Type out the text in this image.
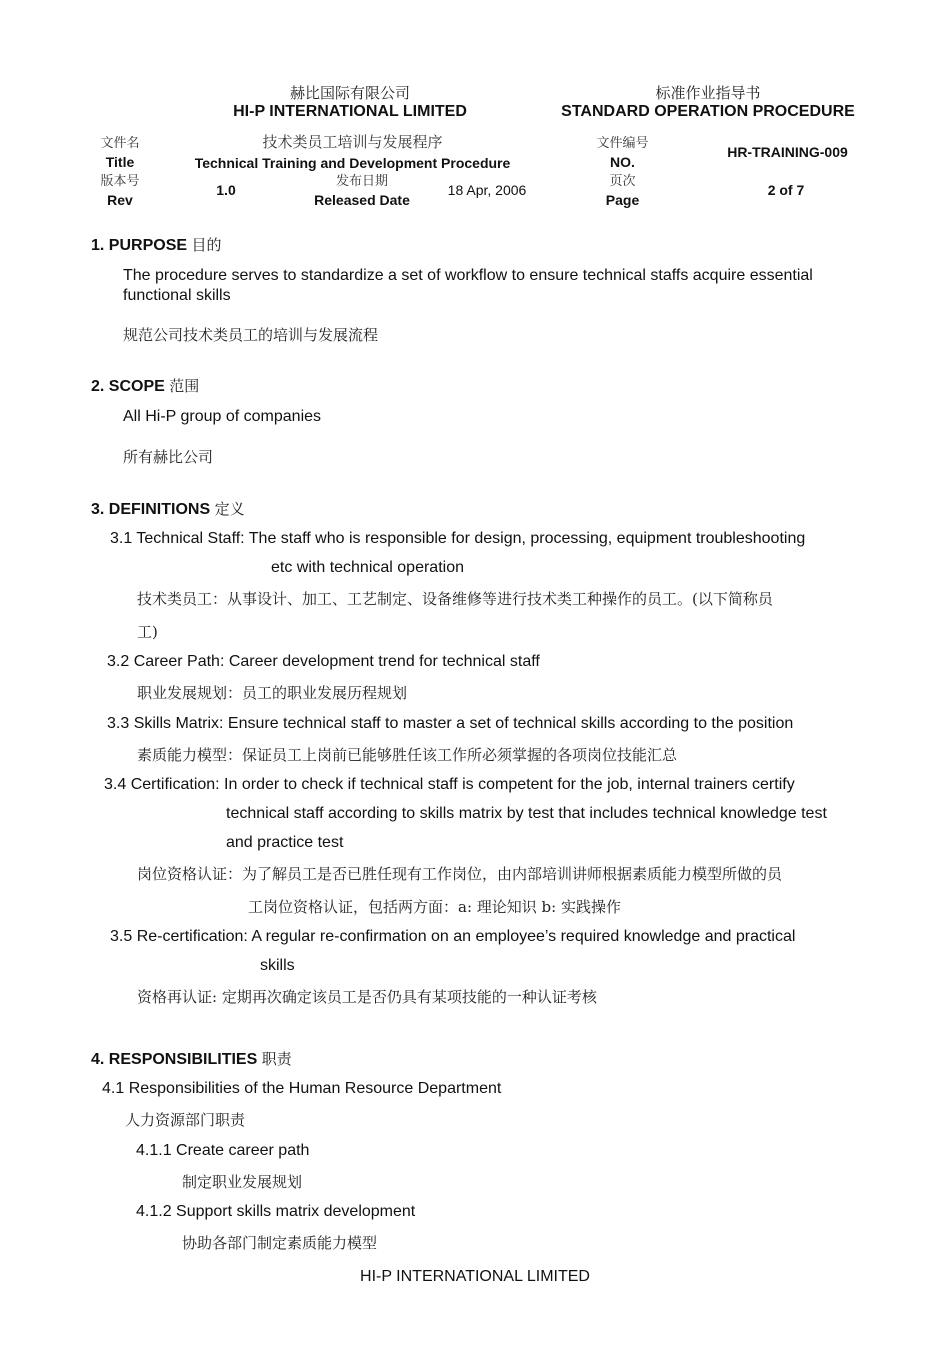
赫比国际有限公司
HI-P INTERNATIONAL LIMITED
标准作业指导书
STANDARD OPERATION PROCEDURE
文件名
Title
技术类员工培训与发展程序
Technical Training and Development Procedure
文件编号
NO.
HR-TRAINING-009
版本号
Rev
1.0
发布日期
Released Date
18 Apr, 2006
页次
Page
2 of 7
1. PURPOSE 目的
The procedure serves to standardize a set of workflow to ensure technical staffs acquire essential functional skills
规范公司技术类员工的培训与发展流程
2. SCOPE 范围
All Hi-P group of companies
所有赫比公司
3. DEFINITIONS 定义
3.1 Technical Staff: The staff who is responsible for design, processing, equipment troubleshooting
etc with technical operation
技术类员工：从事设计、加工、工艺制定、设备维修等进行技术类工种操作的员工。(以下简称员
工)
3.2 Career Path: Career development trend for technical staff
职业发展规划：员工的职业发展历程规划
3.3 Skills Matrix: Ensure technical staff to master a set of technical skills according to the position
素质能力模型：保证员工上岗前已能够胜任该工作所必须掌握的各项岗位技能汇总
3.4 Certification: In order to check if technical staff is competent for the job, internal trainers certify
technical staff according to skills matrix by test that includes technical knowledge test
and practice test
岗位资格认证：为了解员工是否已胜任现有工作岗位，由内部培训讲师根据素质能力模型所做的员
工岗位资格认证，包括两方面：a: 理论知识 b: 实践操作
3.5 Re-certification: A regular re-confirmation on an employee’s required knowledge and practical
skills
资格再认证: 定期再次确定该员工是否仍具有某项技能的一种认证考核
4. RESPONSIBILITIES 职责
4.1 Responsibilities of the Human Resource Department
人力资源部门职责
4.1.1 Create career path
制定职业发展规划
4.1.2 Support skills matrix development
协助各部门制定素质能力模型
HI-P INTERNATIONAL LIMITED
